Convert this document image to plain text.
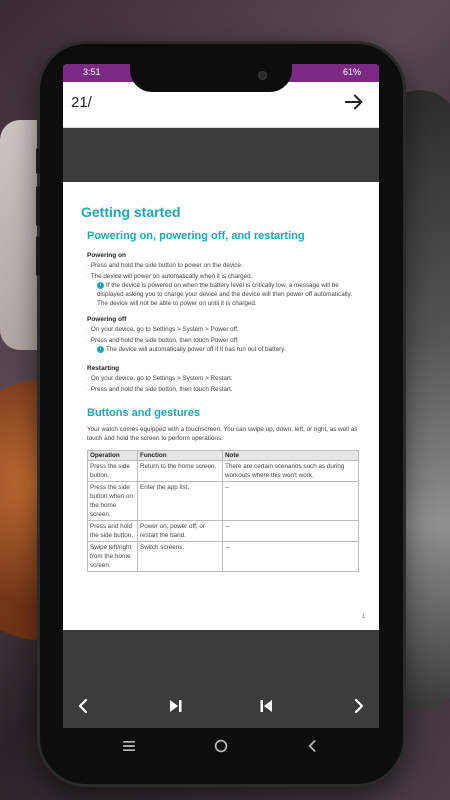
3:51	61%
21/
Getting started
Powering on, powering off, and restarting
Powering on
· Press and hold the side button to power on the device.
· The device will power on automatically when it is charged.
i If the device is powered on when the battery level is critically low, a message will be displayed asking you to charge your device and the device will then power off automatically. The device will not be able to power on until it is charged.
Powering off
· On your device, go to Settings > System > Power off.
· Press and hold the side button, then touch Power off.
i The device will automatically power off if it has run out of battery.
Restarting
· On your device, go to Settings > System > Restart.
· Press and hold the side button, then touch Restart.
Buttons and gestures
Your watch comes equipped with a touchscreen. You can swipe up, down, left, or right, as well as touch and hold the screen to perform operations.
Operation	Function	Note
Press the side button.	Return to the home screen.	There are certain scenarios such as during workouts where this won't work.
Press the side button when on the home screen.	Enter the app list.	--
Press and hold the side button.	Power on, power off, or restart the band.	--
Swipe left/right from the home screen.	Switch screens.	--
1
